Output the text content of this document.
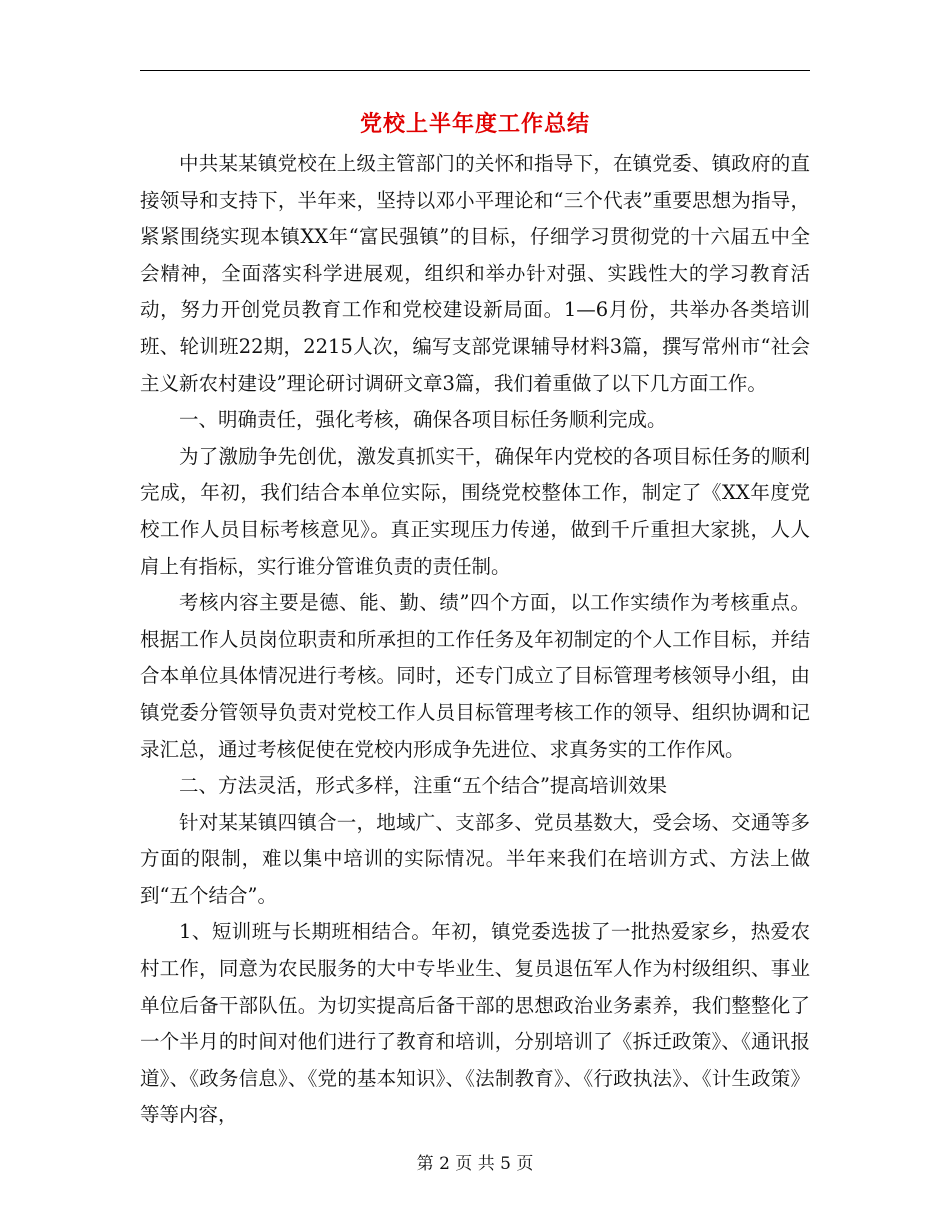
党校上半年度工作总结

中共某某镇党校在上级主管部门的关怀和指导下，在镇党委、镇政府的直接领导和支持下，半年来，坚持以邓小平理论和“三个代表”重要思想为指导，紧紧围绕实现本镇XX年“富民强镇”的目标，仔细学习贯彻党的十六届五中全会精神，全面落实科学进展观，组织和举办针对强、实践性大的学习教育活动，努力开创党员教育工作和党校建设新局面。1—6月份，共举办各类培训班、轮训班22期，2215人次，编写支部党课辅导材料3篇，撰写常州市“社会主义新农村建设”理论研讨调研文章3篇，我们着重做了以下几方面工作。

一、明确责任，强化考核，确保各项目标任务顺利完成。

为了激励争先创优，激发真抓实干，确保年内党校的各项目标任务的顺利完成，年初，我们结合本单位实际，围绕党校整体工作，制定了《XX年度党校工作人员目标考核意见》。真正实现压力传递，做到千斤重担大家挑，人人肩上有指标，实行谁分管谁负责的责任制。

考核内容主要是德、能、勤、绩”四个方面，以工作实绩作为考核重点。根据工作人员岗位职责和所承担的工作任务及年初制定的个人工作目标，并结合本单位具体情况进行考核。同时，还专门成立了目标管理考核领导小组，由镇党委分管领导负责对党校工作人员目标管理考核工作的领导、组织协调和记录汇总，通过考核促使在党校内形成争先进位、求真务实的工作作风。

二、方法灵活，形式多样，注重“五个结合”提高培训效果

针对某某镇四镇合一，地域广、支部多、党员基数大，受会场、交通等多方面的限制，难以集中培训的实际情况。半年来我们在培训方式、方法上做到“五个结合”。

1、短训班与长期班相结合。年初，镇党委选拔了一批热爱家乡，热爱农村工作，同意为农民服务的大中专毕业生、复员退伍军人作为村级组织、事业单位后备干部队伍。为切实提高后备干部的思想政治业务素养，我们整整化了一个半月的时间对他们进行了教育和培训，分别培训了《拆迁政策》、《通讯报道》、《政务信息》、《党的基本知识》、《法制教育》、《行政执法》、《计生政策》等等内容，

第 2 页 共 5 页
